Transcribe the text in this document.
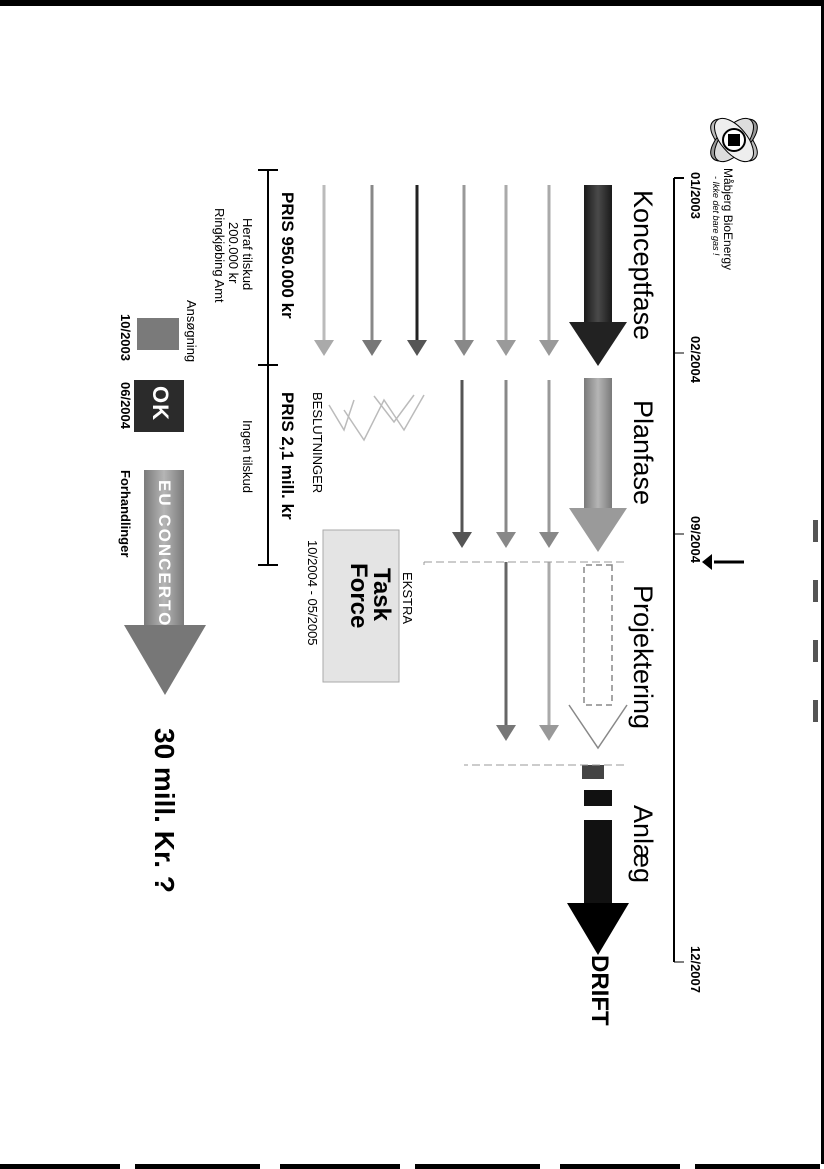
Måbjerg BioEnergy
- Ikke det bare gas !
01/2003
02/2004
09/2004
12/2007
Konceptfase
Planfase
Projektering
Anlæg
DRIFT
BESLUTNINGER
EKSTRA
Task
Force
10/2004 - 05/2005
PRIS 950.000 kr
Heraf tilskud
200.000 kr
Ringkjøbing Amt
PRIS 2,1 mill. kr
Ingen tilskud
Ansøgning
10/2003
OK
06/2004
EU CONCERTO
Forhandlinger
30 mill. Kr. ?
